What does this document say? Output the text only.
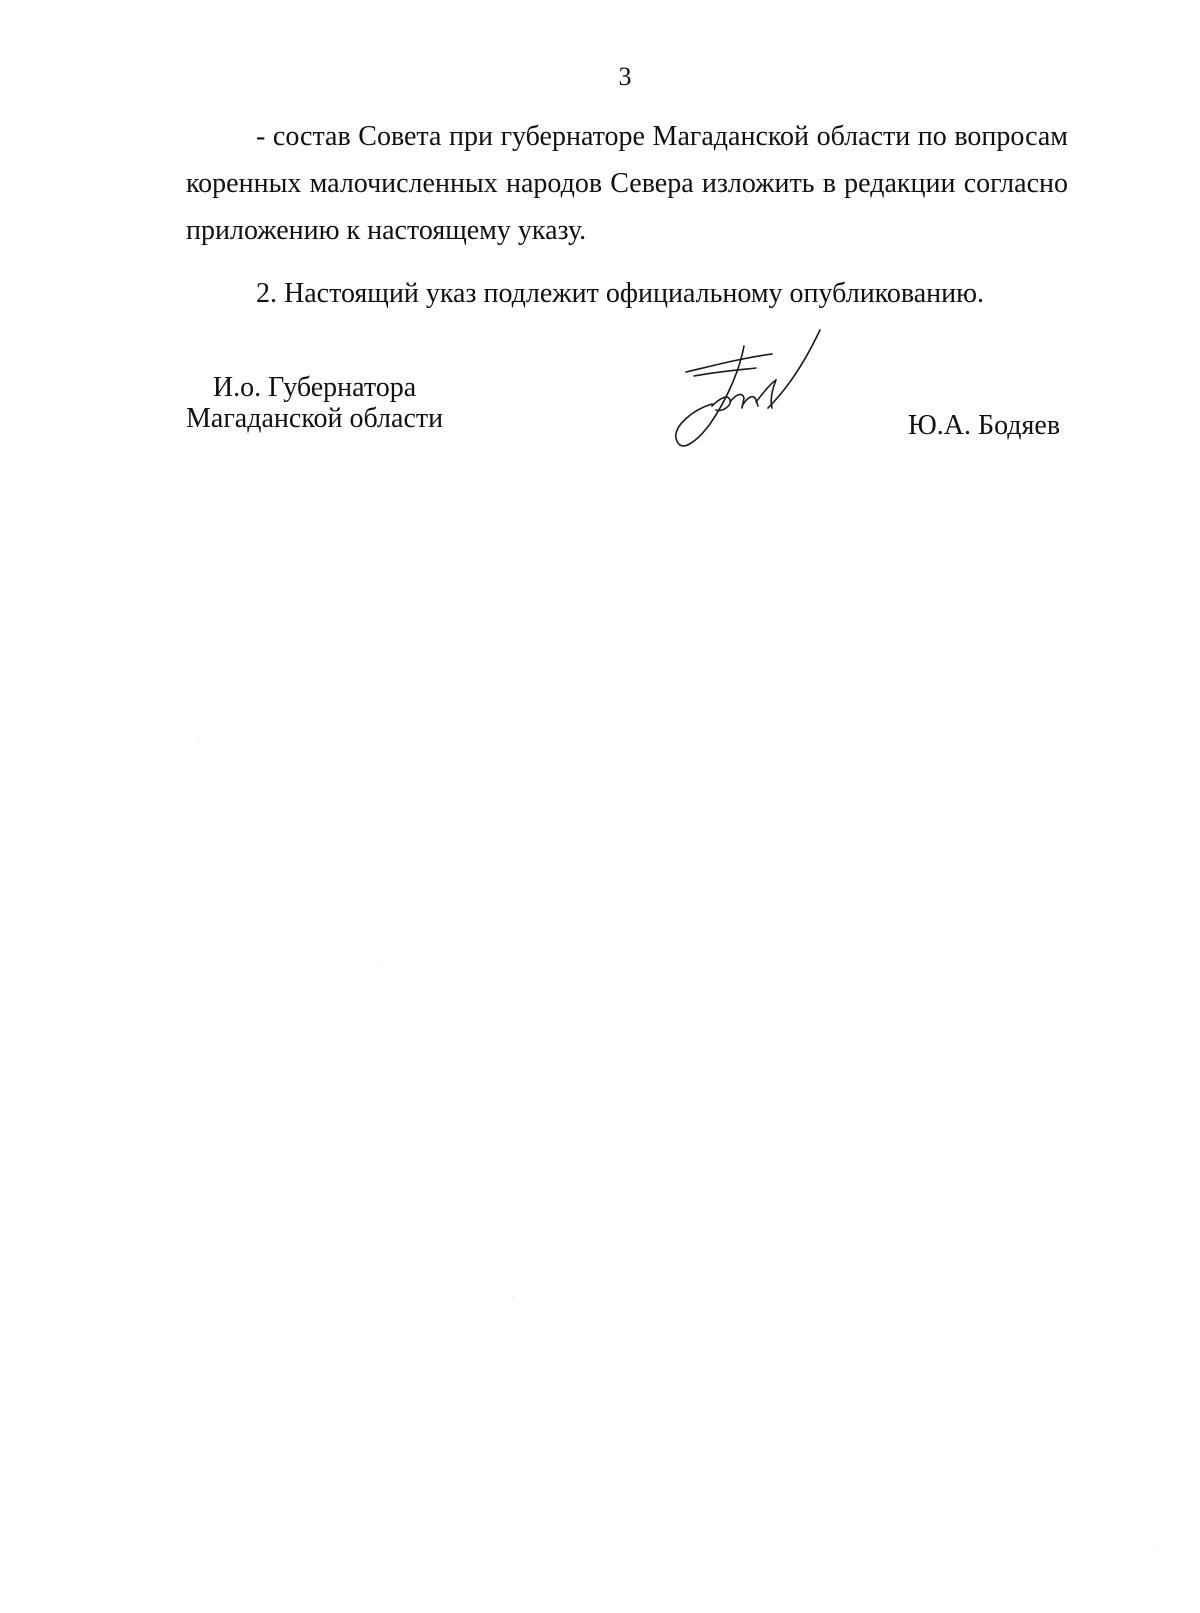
3

- состав Совета при губернаторе Магаданской области по вопросам коренных малочисленных народов Севера изложить в редакции согласно приложению к настоящему указу.

2. Настоящий указ подлежит официальному опубликованию.

И.о. Губернатора
Магаданской области	Ю.А. Бодяев
